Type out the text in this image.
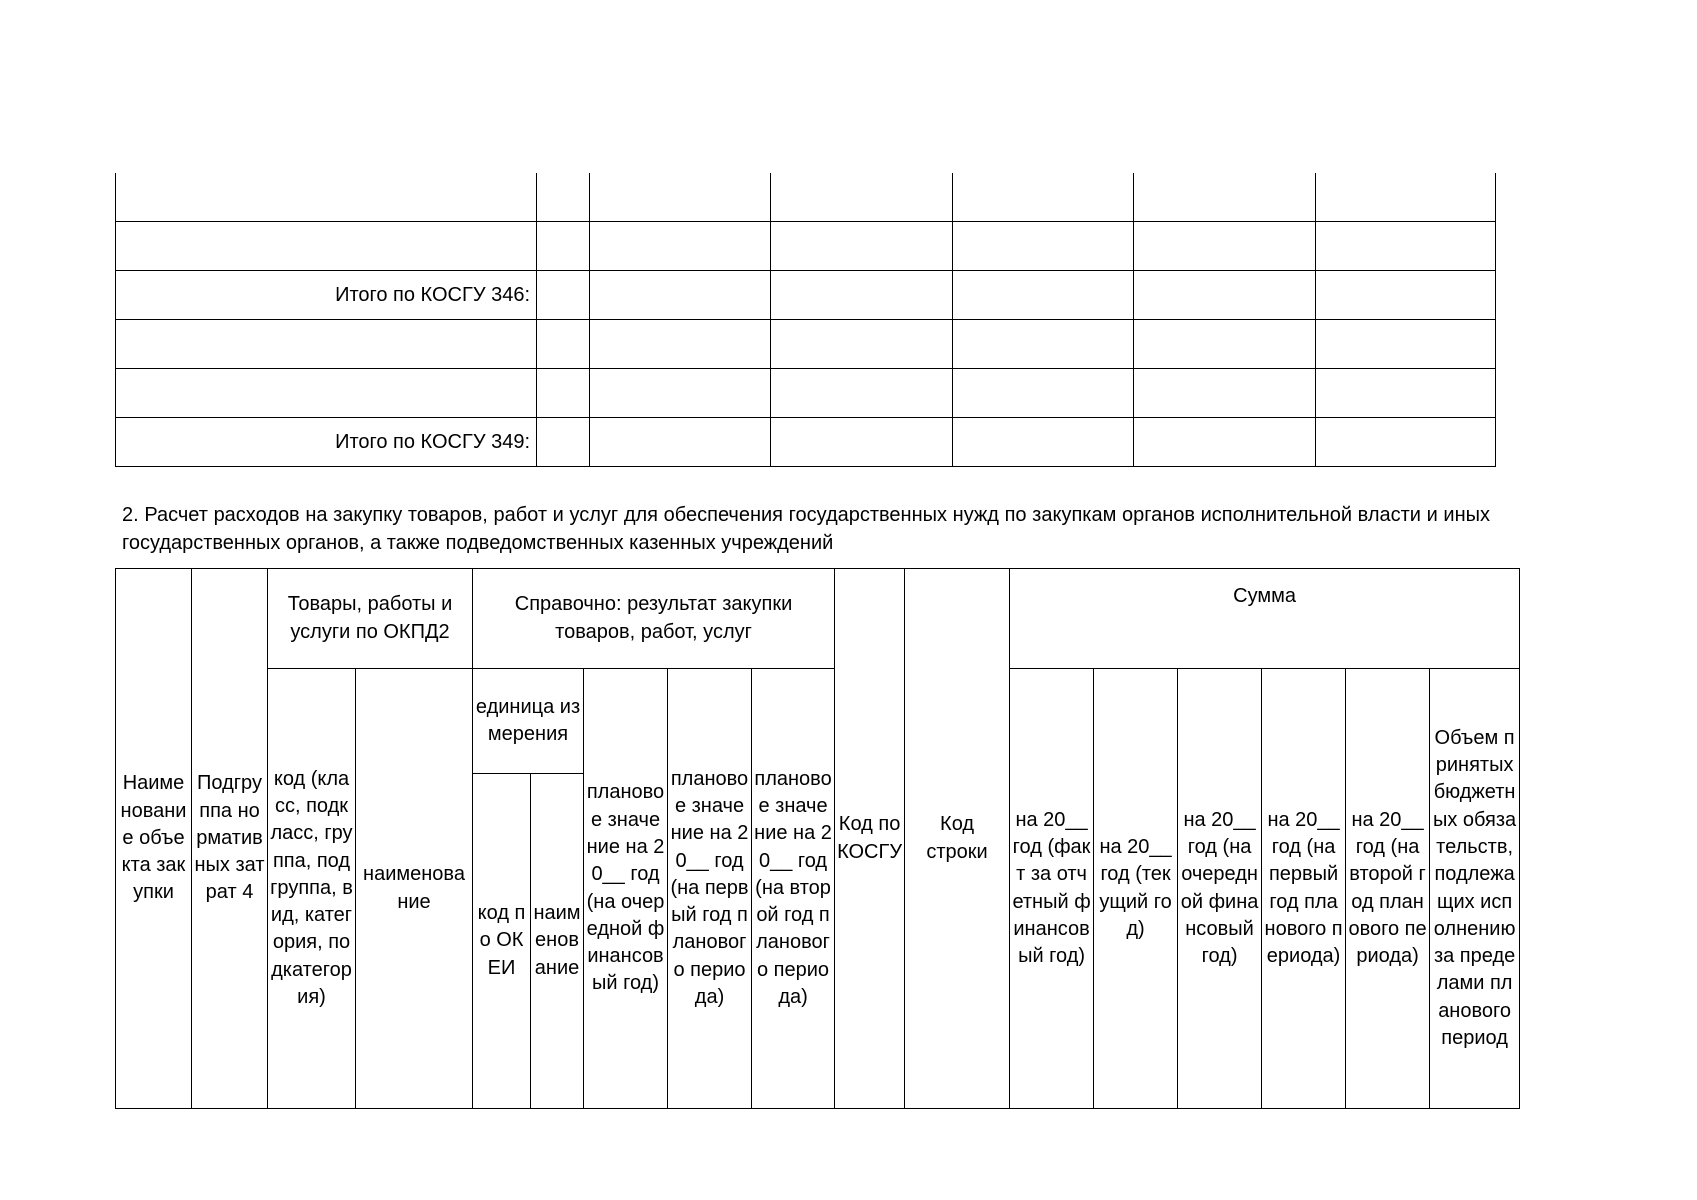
Итого по КОСГУ 346:						

Итого по КОСГУ 349:						
2. Расчет расходов на закупку товаров, работ и услуг для обеспечения государственных нужд по закупкам органов исполнительной власти и иных государственных органов, а также подведомственных казенных учреждений
Наименование объекта закупки	Подгруппа нормативных затрат 4	Товары, работы и услуги по ОКПД2		Справочно: результат закупки товаров, работ, услуг					Код по КОСГУ	Код строки	Сумма					
		код (класс, подкласс, группа, подгруппа, вид, категория, подкатегория)	наименование	единица измерения		плановое значение на 20__ год (на очередной финансовый год)	плановое значение на 20__ год (на первый год планового периода)	плановое значение на 20__ год (на второй год планового периода)			на 20__ год (факт за отчетный финансовый год)	на 20__ год (текущий год)	на 20__ год (на очередной финансовый год)	на 20__ год (на первый год планового периода)	на 20__ год (на второй год планового периода)	Объем принятых бюджетных обязательств, подлежащих исполнению за пределами планового период

				код по ОКЕИ	наименование											
